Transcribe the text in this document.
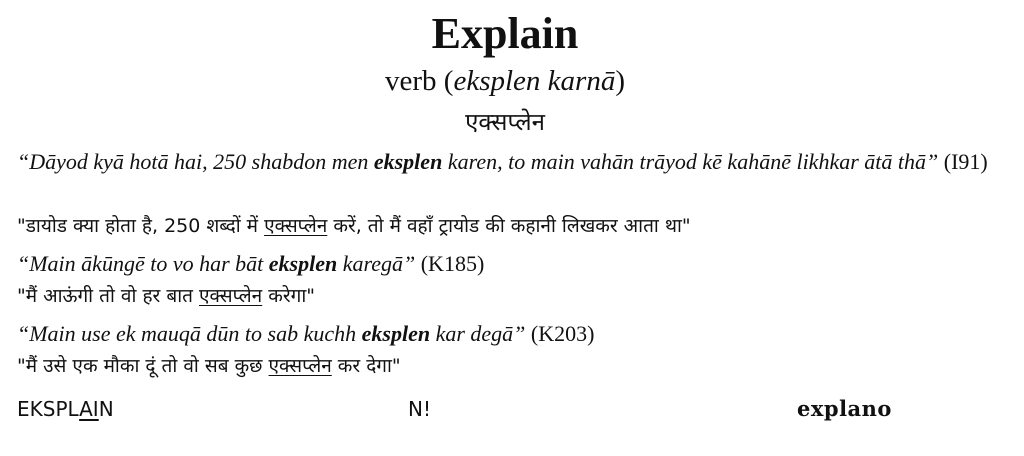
Explain
verb (eksplen karnā)
एक्सप्लेन
“Dāyod kyā hotā hai, 250 shabdon men eksplen karen, to main vahān trāyod kē kahānē likhkar ātā thā” (I91)
"डायोड क्या होता है, 250 शब्दों में एक्सप्लेन करें, तो मैं वहाँ ट्रायोड की कहानी लिखकर आता था"
“Main ākūngē to vo har bāt eksplen karegā” (K185)
"मैं आऊंगी तो वो हर बात एक्सप्लेन करेगा"
“Main use ek mauqā dūn to sab kuchh eksplen kar degā” (K203)
"मैं उसे एक मौका दूं तो वो सब कुछ एक्सप्लेन कर देगा"
EKSPLAIN	N!	explano
